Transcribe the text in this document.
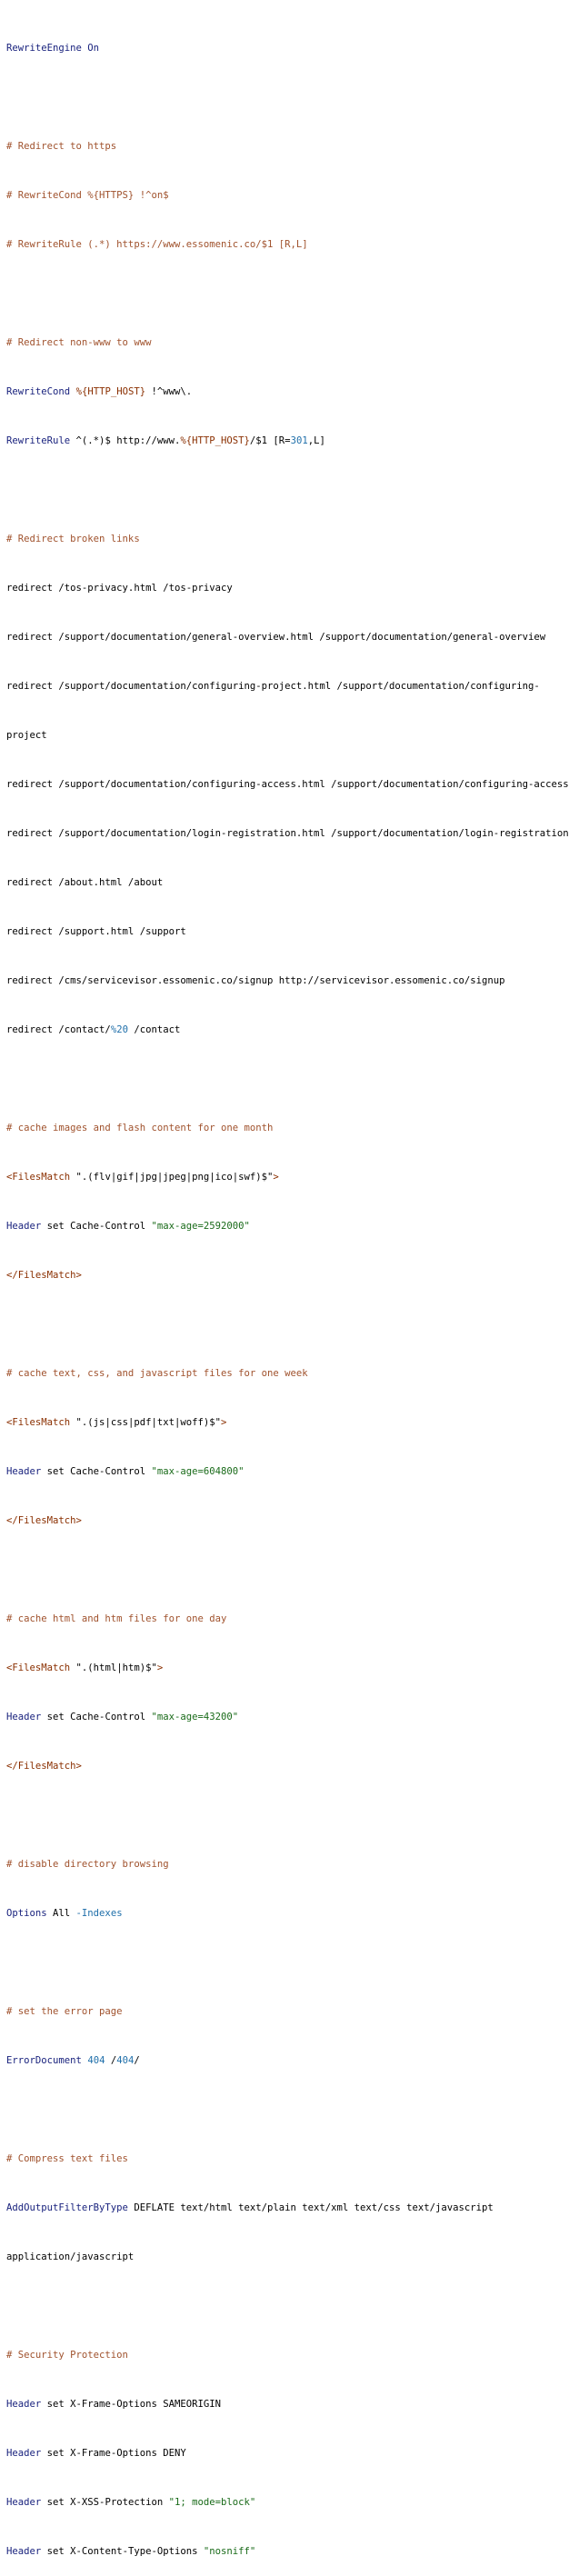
RewriteEngine On

# Redirect to https

# RewriteCond %{HTTPS} !^on$

# RewriteRule (.*) https://www.essomenic.co/$1 [R,L]

# Redirect non-www to www

RewriteCond %{HTTP_HOST} !^www\.

RewriteRule ^(.*)$ http://www.%{HTTP_HOST}/$1 [R=301,L]

# Redirect broken links

redirect /tos-privacy.html /tos-privacy

redirect /support/documentation/general-overview.html /support/documentation/general-overview

redirect /support/documentation/configuring-project.html /support/documentation/configuring-

project

redirect /support/documentation/configuring-access.html /support/documentation/configuring-access

redirect /support/documentation/login-registration.html /support/documentation/login-registration

redirect /about.html /about

redirect /support.html /support

redirect /cms/servicevisor.essomenic.co/signup http://servicevisor.essomenic.co/signup

redirect /contact/%20 /contact

# cache images and flash content for one month

<FilesMatch ".(flv|gif|jpg|jpeg|png|ico|swf)$">

Header set Cache-Control "max-age=2592000"

</FilesMatch>

# cache text, css, and javascript files for one week

<FilesMatch ".(js|css|pdf|txt|woff)$">

Header set Cache-Control "max-age=604800"

</FilesMatch>

# cache html and htm files for one day

<FilesMatch ".(html|htm)$">

Header set Cache-Control "max-age=43200"

</FilesMatch>

# disable directory browsing

Options All -Indexes

# set the error page

ErrorDocument 404 /404/

# Compress text files

AddOutputFilterByType DEFLATE text/html text/plain text/xml text/css text/javascript

application/javascript

# Security Protection

Header set X-Frame-Options SAMEORIGIN

Header set X-Frame-Options DENY

Header set X-XSS-Protection "1; mode=block"

Header set X-Content-Type-Options "nosniff"
